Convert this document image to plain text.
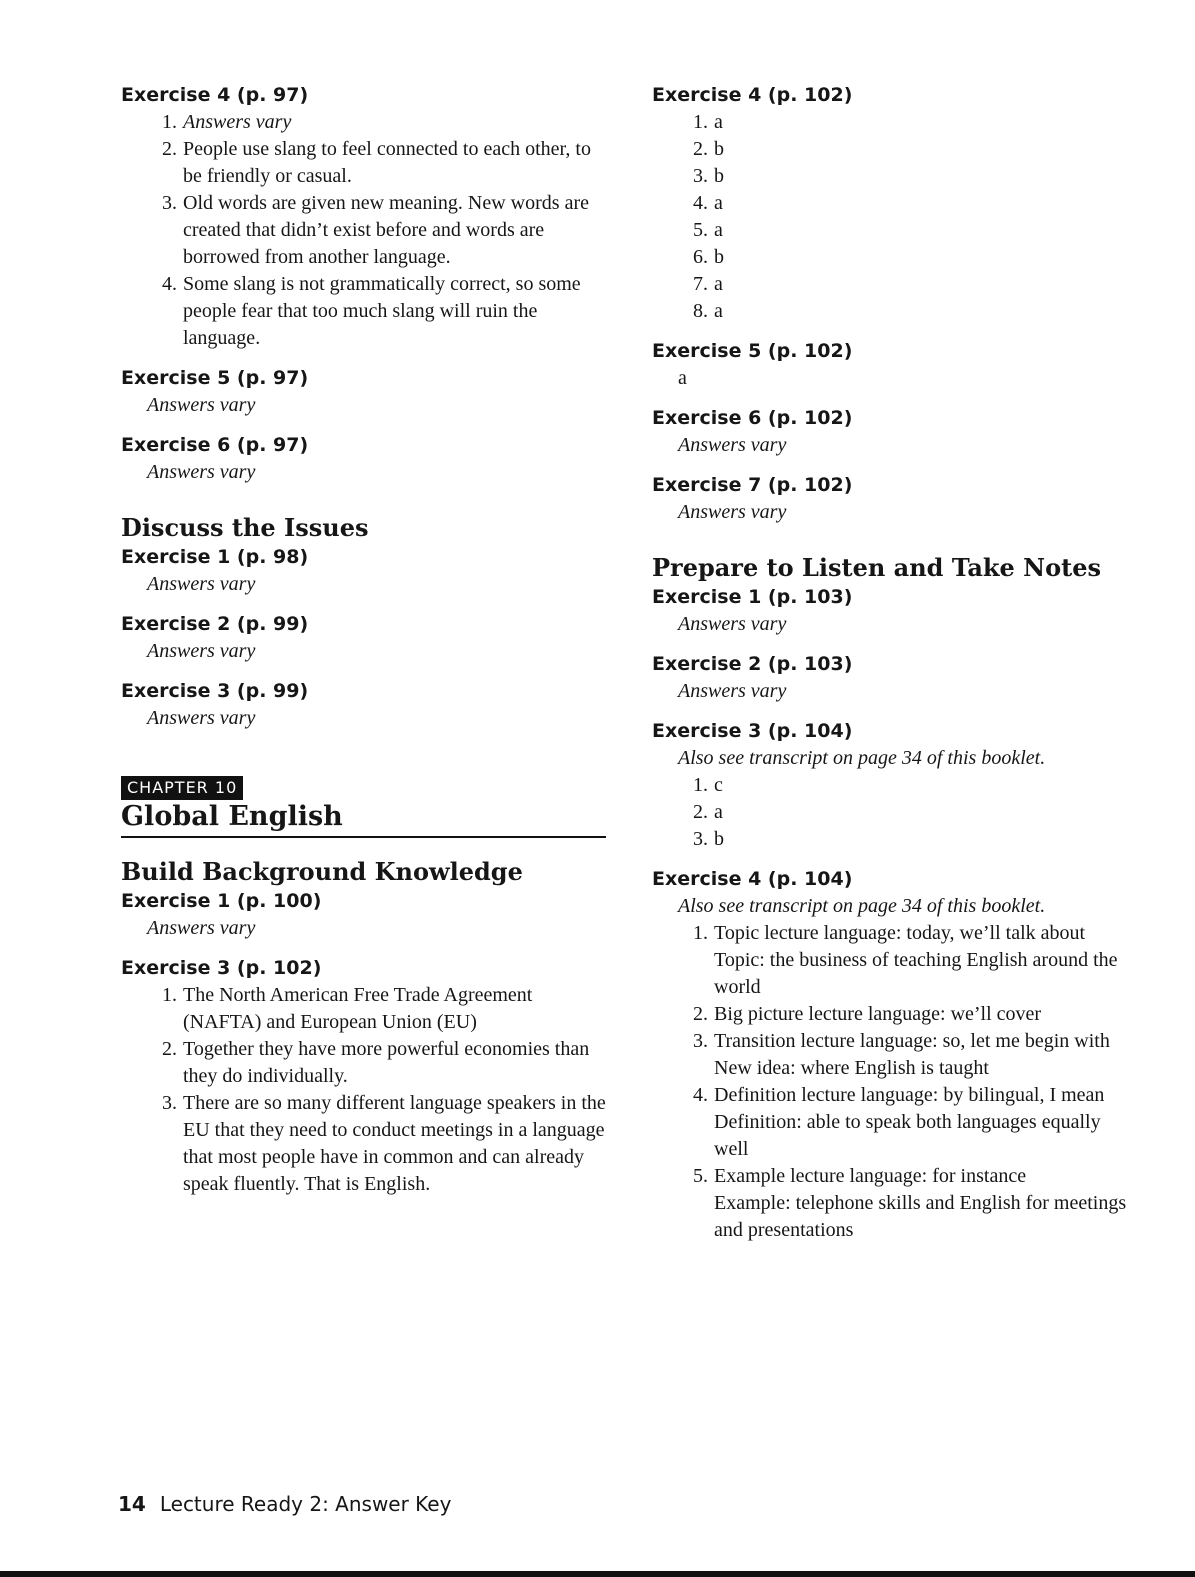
Exercise 4 (p. 97)
1. Answers vary
2. People use slang to feel connected to each other, to be friendly or casual.
3. Old words are given new meaning. New words are created that didn’t exist before and words are borrowed from another language.
4. Some slang is not grammatically correct, so some people fear that too much slang will ruin the language.
Exercise 5 (p. 97)

Answers vary

Exercise 6 (p. 97)

Answers vary

Discuss the Issues
Exercise 1 (p. 98)

Answers vary

Exercise 2 (p. 99)

Answers vary

Exercise 3 (p. 99)

Answers vary

CHAPTER 10
Global English
Build Background Knowledge
Exercise 1 (p. 100)

Answers vary

Exercise 3 (p. 102)
1. The North American Free Trade Agreement (NAFTA) and European Union (EU)
2. Together they have more powerful economies than they do individually.
3. There are so many different language speakers in the EU that they need to conduct meetings in a language that most people have in common and can already speak fluently. That is English.
Exercise 4 (p. 102)
1. a
2. b
3. b
4. a
5. a
6. b
7. a
8. a
Exercise 5 (p. 102)

a

Exercise 6 (p. 102)

Answers vary

Exercise 7 (p. 102)

Answers vary

Prepare to Listen and Take Notes
Exercise 1 (p. 103)

Answers vary

Exercise 2 (p. 103)

Answers vary

Exercise 3 (p. 104)

Also see transcript on page 34 of this booklet.

1. c
2. a
3. b
Exercise 4 (p. 104)

Also see transcript on page 34 of this booklet.

1. Topic lecture language: today, we’ll talk about
Topic: the business of teaching English around the world
2. Big picture lecture language: we’ll cover
3. Transition lecture language: so, let me begin with
New idea: where English is taught
4. Definition lecture language: by bilingual, I mean
Definition: able to speak both languages equally well
5. Example lecture language: for instance
Example: telephone skills and English for meetings and presentations
14 Lecture Ready 2: Answer Key
